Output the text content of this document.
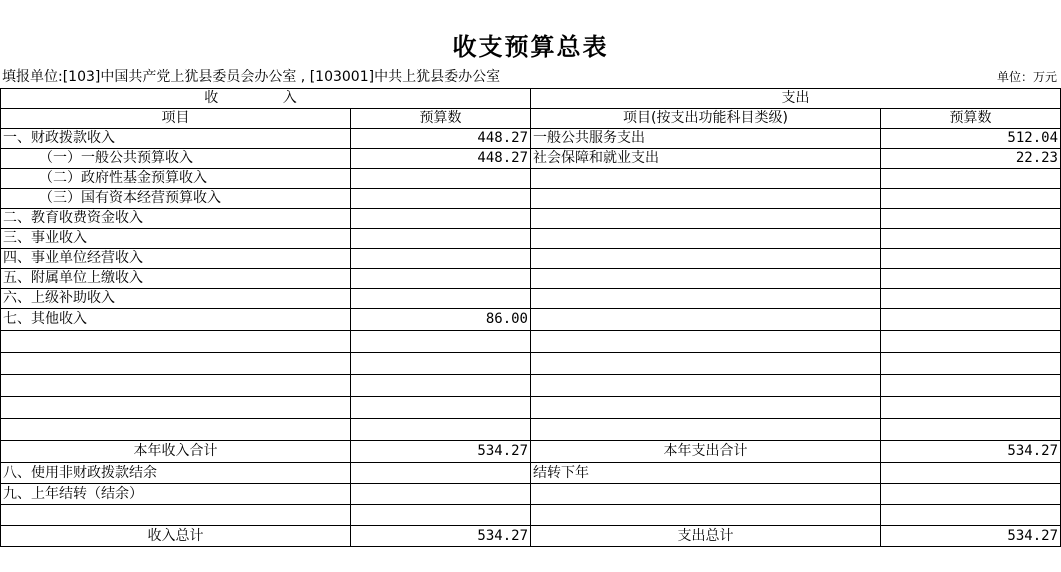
收支预算总表
填报单位:[103]中国共产党上犹县委员会办公室 , [103001]中共上犹县委办公室	单位：万元
收 入		支出	
项目	预算数	项目(按支出功能科目类级)	预算数
一、财政拨款收入	448.27	一般公共服务支出	512.04
（一）一般公共预算收入	448.27	社会保障和就业支出	22.23
（二）政府性基金预算收入			
（三）国有资本经营预算收入			
二、教育收费资金收入			
三、事业收入			
四、事业单位经营收入			
五、附属单位上缴收入			
六、上级补助收入			
七、其他收入	86.00		

本年收入合计	534.27	本年支出合计	534.27
八、使用非财政拨款结余		结转下年	
九、上年结转（结余）			

收入总计	534.27	支出总计	534.27
